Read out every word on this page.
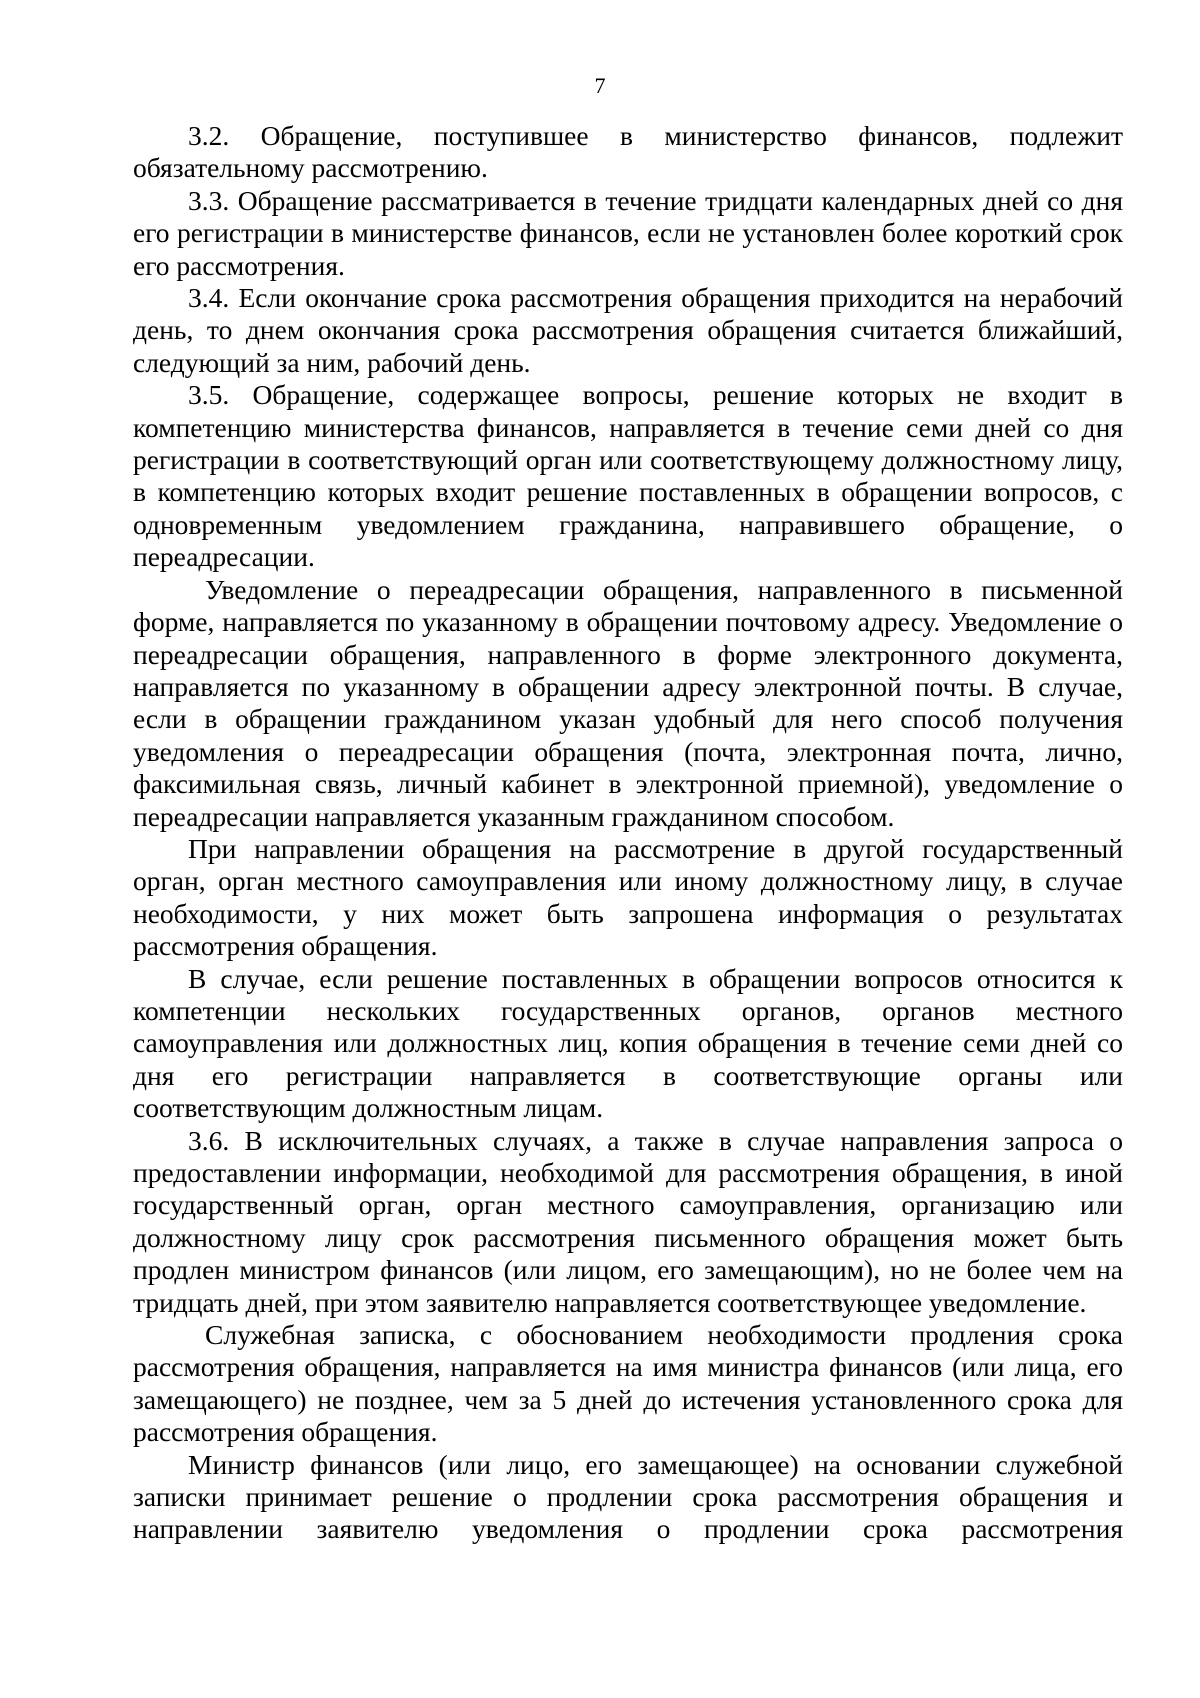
7

3.2. Обращение, поступившее в министерство финансов, подлежит обязательному рассмотрению.

3.3. Обращение рассматривается в течение тридцати календарных дней со дня его регистрации в министерстве финансов, если не установлен более короткий срок его рассмотрения.

3.4. Если окончание срока рассмотрения обращения приходится на нерабочий день, то днем окончания срока рассмотрения обращения считается ближайший, следующий за ним, рабочий день.

3.5. Обращение, содержащее вопросы, решение которых не входит в компетенцию министерства финансов, направляется в течение семи дней со дня регистрации в соответствующий орган или соответствующему должностному лицу, в компетенцию которых входит решение поставленных в обращении вопросов, с одновременным уведомлением гражданина, направившего обращение, о переадресации.

Уведомление о переадресации обращения, направленного в письменной форме, направляется по указанному в обращении почтовому адресу. Уведомление о переадресации обращения, направленного в форме электронного документа, направляется по указанному в обращении адресу электронной почты. В случае, если в обращении гражданином указан удобный для него способ получения уведомления о переадресации обращения (почта, электронная почта, лично, факсимильная связь, личный кабинет в электронной приемной), уведомление о переадресации направляется указанным гражданином способом.

При направлении обращения на рассмотрение в другой государственный орган, орган местного самоуправления или иному должностному лицу, в случае необходимости, у них может быть запрошена информация о результатах рассмотрения обращения.

В случае, если решение поставленных в обращении вопросов относится к компетенции нескольких государственных органов, органов местного самоуправления или должностных лиц, копия обращения в течение семи дней со дня его регистрации направляется в соответствующие органы или соответствующим должностным лицам.

3.6. В исключительных случаях, а также в случае направления запроса о предоставлении информации, необходимой для рассмотрения обращения, в иной государственный орган, орган местного самоуправления, организацию или должностному лицу срок рассмотрения письменного обращения может быть продлен министром финансов (или лицом, его замещающим), но не более чем на тридцать дней, при этом заявителю направляется соответствующее уведомление.

Служебная записка, с обоснованием необходимости продления срока рассмотрения обращения, направляется на имя министра финансов (или лица, его замещающего) не позднее, чем за 5 дней до истечения установленного срока для рассмотрения обращения.

Министр финансов (или лицо, его замещающее) на основании служебной записки принимает решение о продлении срока рассмотрения обращения и направлении заявителю уведомления о продлении срока рассмотрения
